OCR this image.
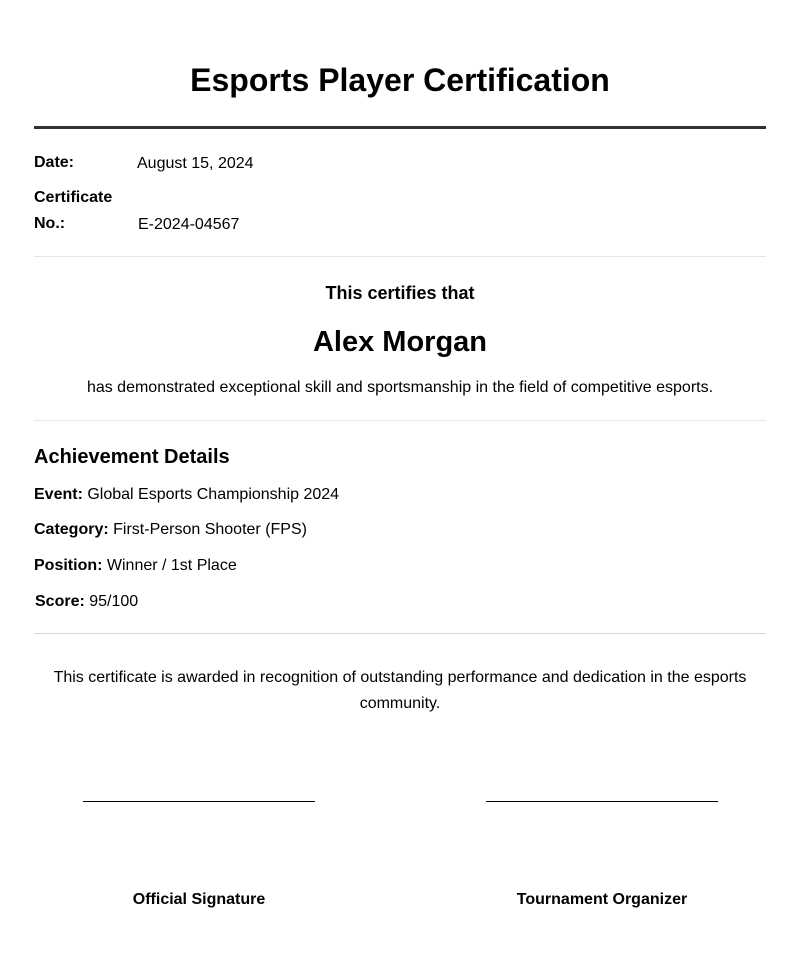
Esports Player Certification
Date:	August 15, 2024
Certificate
No.:	E-2024-04567
This certifies that
Alex Morgan
has demonstrated exceptional skill and sportsmanship in the field of competitive esports.
Achievement Details
Event: Global Esports Championship 2024
Category: First-Person Shooter (FPS)
Position: Winner / 1st Place
Score: 95/100
This certificate is awarded in recognition of outstanding performance and dedication in the esports
community.
Official Signature	Tournament Organizer
